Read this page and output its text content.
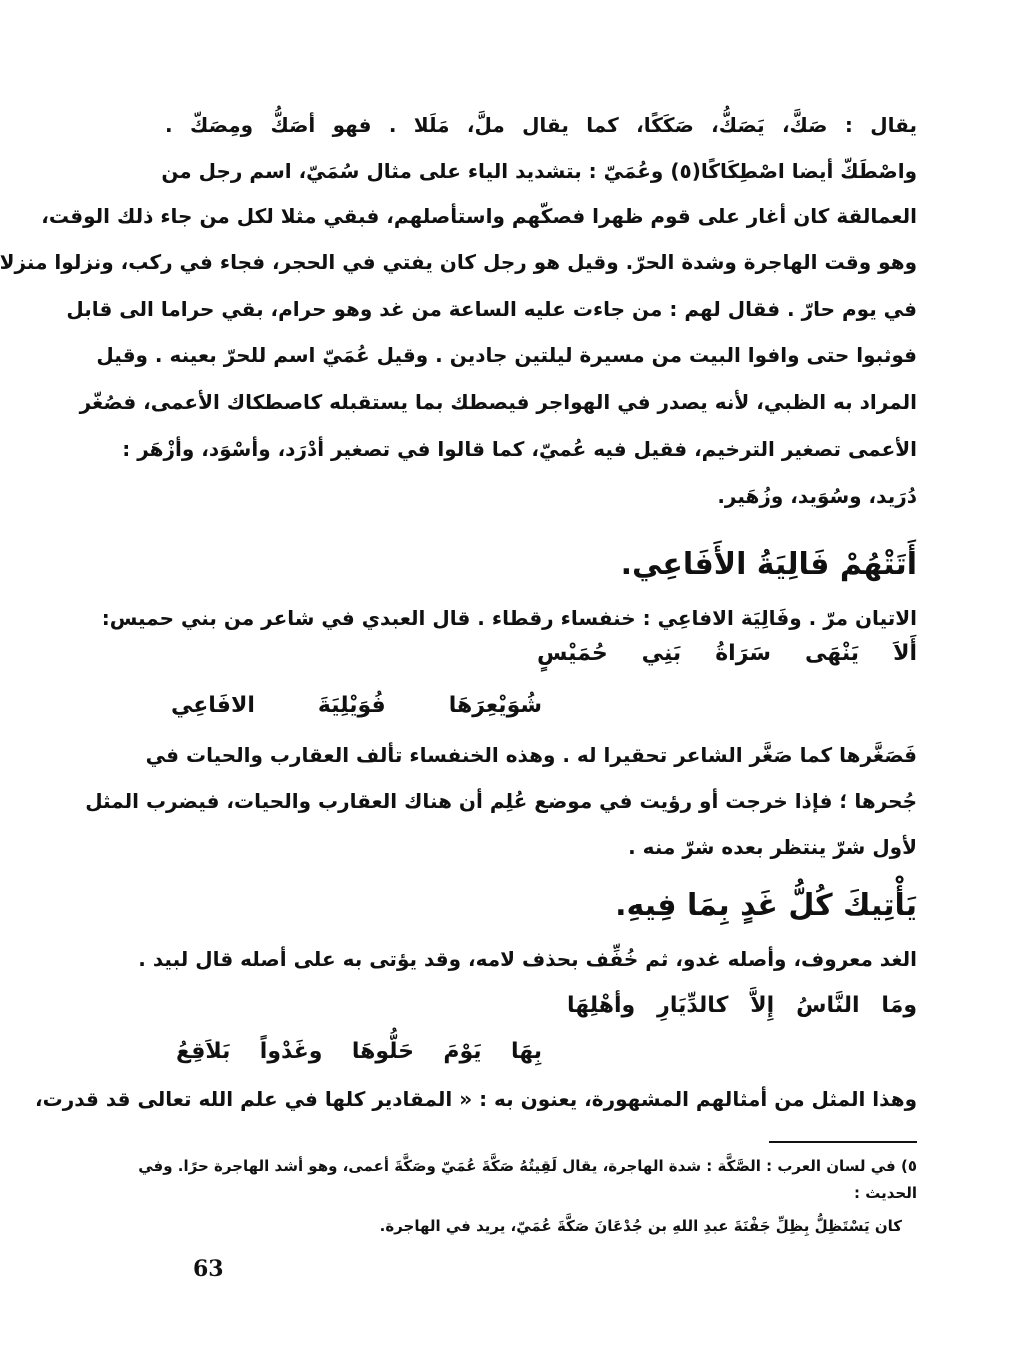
يقال : صَكَّ، يَصَكُّ، صَكَكًا، كما يقال ملَّ، مَلَلا . فهو أصَكُّ ومِصَكّ .
واصْطَكّ أيضا اصْطِكَاكًا(٥) وعُمَيّ : بتشديد الياء على مثال سُمَيّ، اسم رجل من
العمالقة كان أغار على قوم ظهرا فصكّهم واستأصلهم، فبقي مثلا لكل من جاء ذلك الوقت،
وهو وقت الهاجرة وشدة الحرّ. وقيل هو رجل كان يفتي في الحجر، فجاء في ركب، ونزلوا منزلا
في يوم حارّ . فقال لهم : من جاءت عليه الساعة من غد وهو حرام، بقي حراما الى قابل
فوثبوا حتى وافوا البيت من مسيرة ليلتين جادين . وقيل عُمَيّ اسم للحرّ بعينه . وقيل
المراد به الظبي، لأنه يصدر في الهواجر فيصطك بما يستقبله كاصطكاك الأعمى، فصُغّر
الأعمى تصغير الترخيم، فقيل فيه عُميّ، كما قالوا في تصغير أدْرَد، وأسْوَد، وأزْهَر :
دُرَيد، وسُوَيد، وزُهَير.
أَتَتْهُمْ فَالِيَةُ الأَفَاعِي.
الاتيان مرّ . وفَالِيَة الافاعِي : خنفساء رقطاء . قال العبدي في شاعر من بني حميس:
أَلاَ يَنْهَى سَرَاةُ بَنِي حُمَيْسٍ
شُوَيْعِرَهَا فُوَيْلِيَةَ الافَاعِي
فَصَغَّرها كما صَغَّر الشاعر تحقيرا له . وهذه الخنفساء تألف العقارب والحيات في
جُحرها ؛ فإذا خرجت أو رؤيت في موضع عُلِم أن هناك العقارب والحيات، فيضرب المثل
لأول شرّ ينتظر بعده شرّ منه .
يَأْتِيكَ كُلُّ غَدٍ بِمَا فِيهِ.
الغد معروف، وأصله غدو، ثم خُفِّف بحذف لامه، وقد يؤتى به على أصله قال لبيد .
ومَا النَّاسُ إِلاَّ كالدِّيَارِ وأهْلِهَا
بِهَا يَوْمَ حَلُّوهَا وغَدْواً بَلاَقِعُ
وهذا المثل من أمثالهم المشهورة، يعنون به : « المقادير كلها في علم الله تعالى قد قدرت،
٥) في لسان العرب : الصَّكَّة : شدة الهاجرة، يقال لَقِيتُهُ صَكَّةَ عُمَيّ وصَكَّةَ أعمى، وهو أشد الهاجرة حرًا. وفي
الحديث :
كان يَسْتَظِلُّ بِظِلِّ جَفْنَةَ عبدِ اللهِ بن جُدْعَانَ صَكَّةَ عُمَيّ، يريد في الهاجرة.
63
